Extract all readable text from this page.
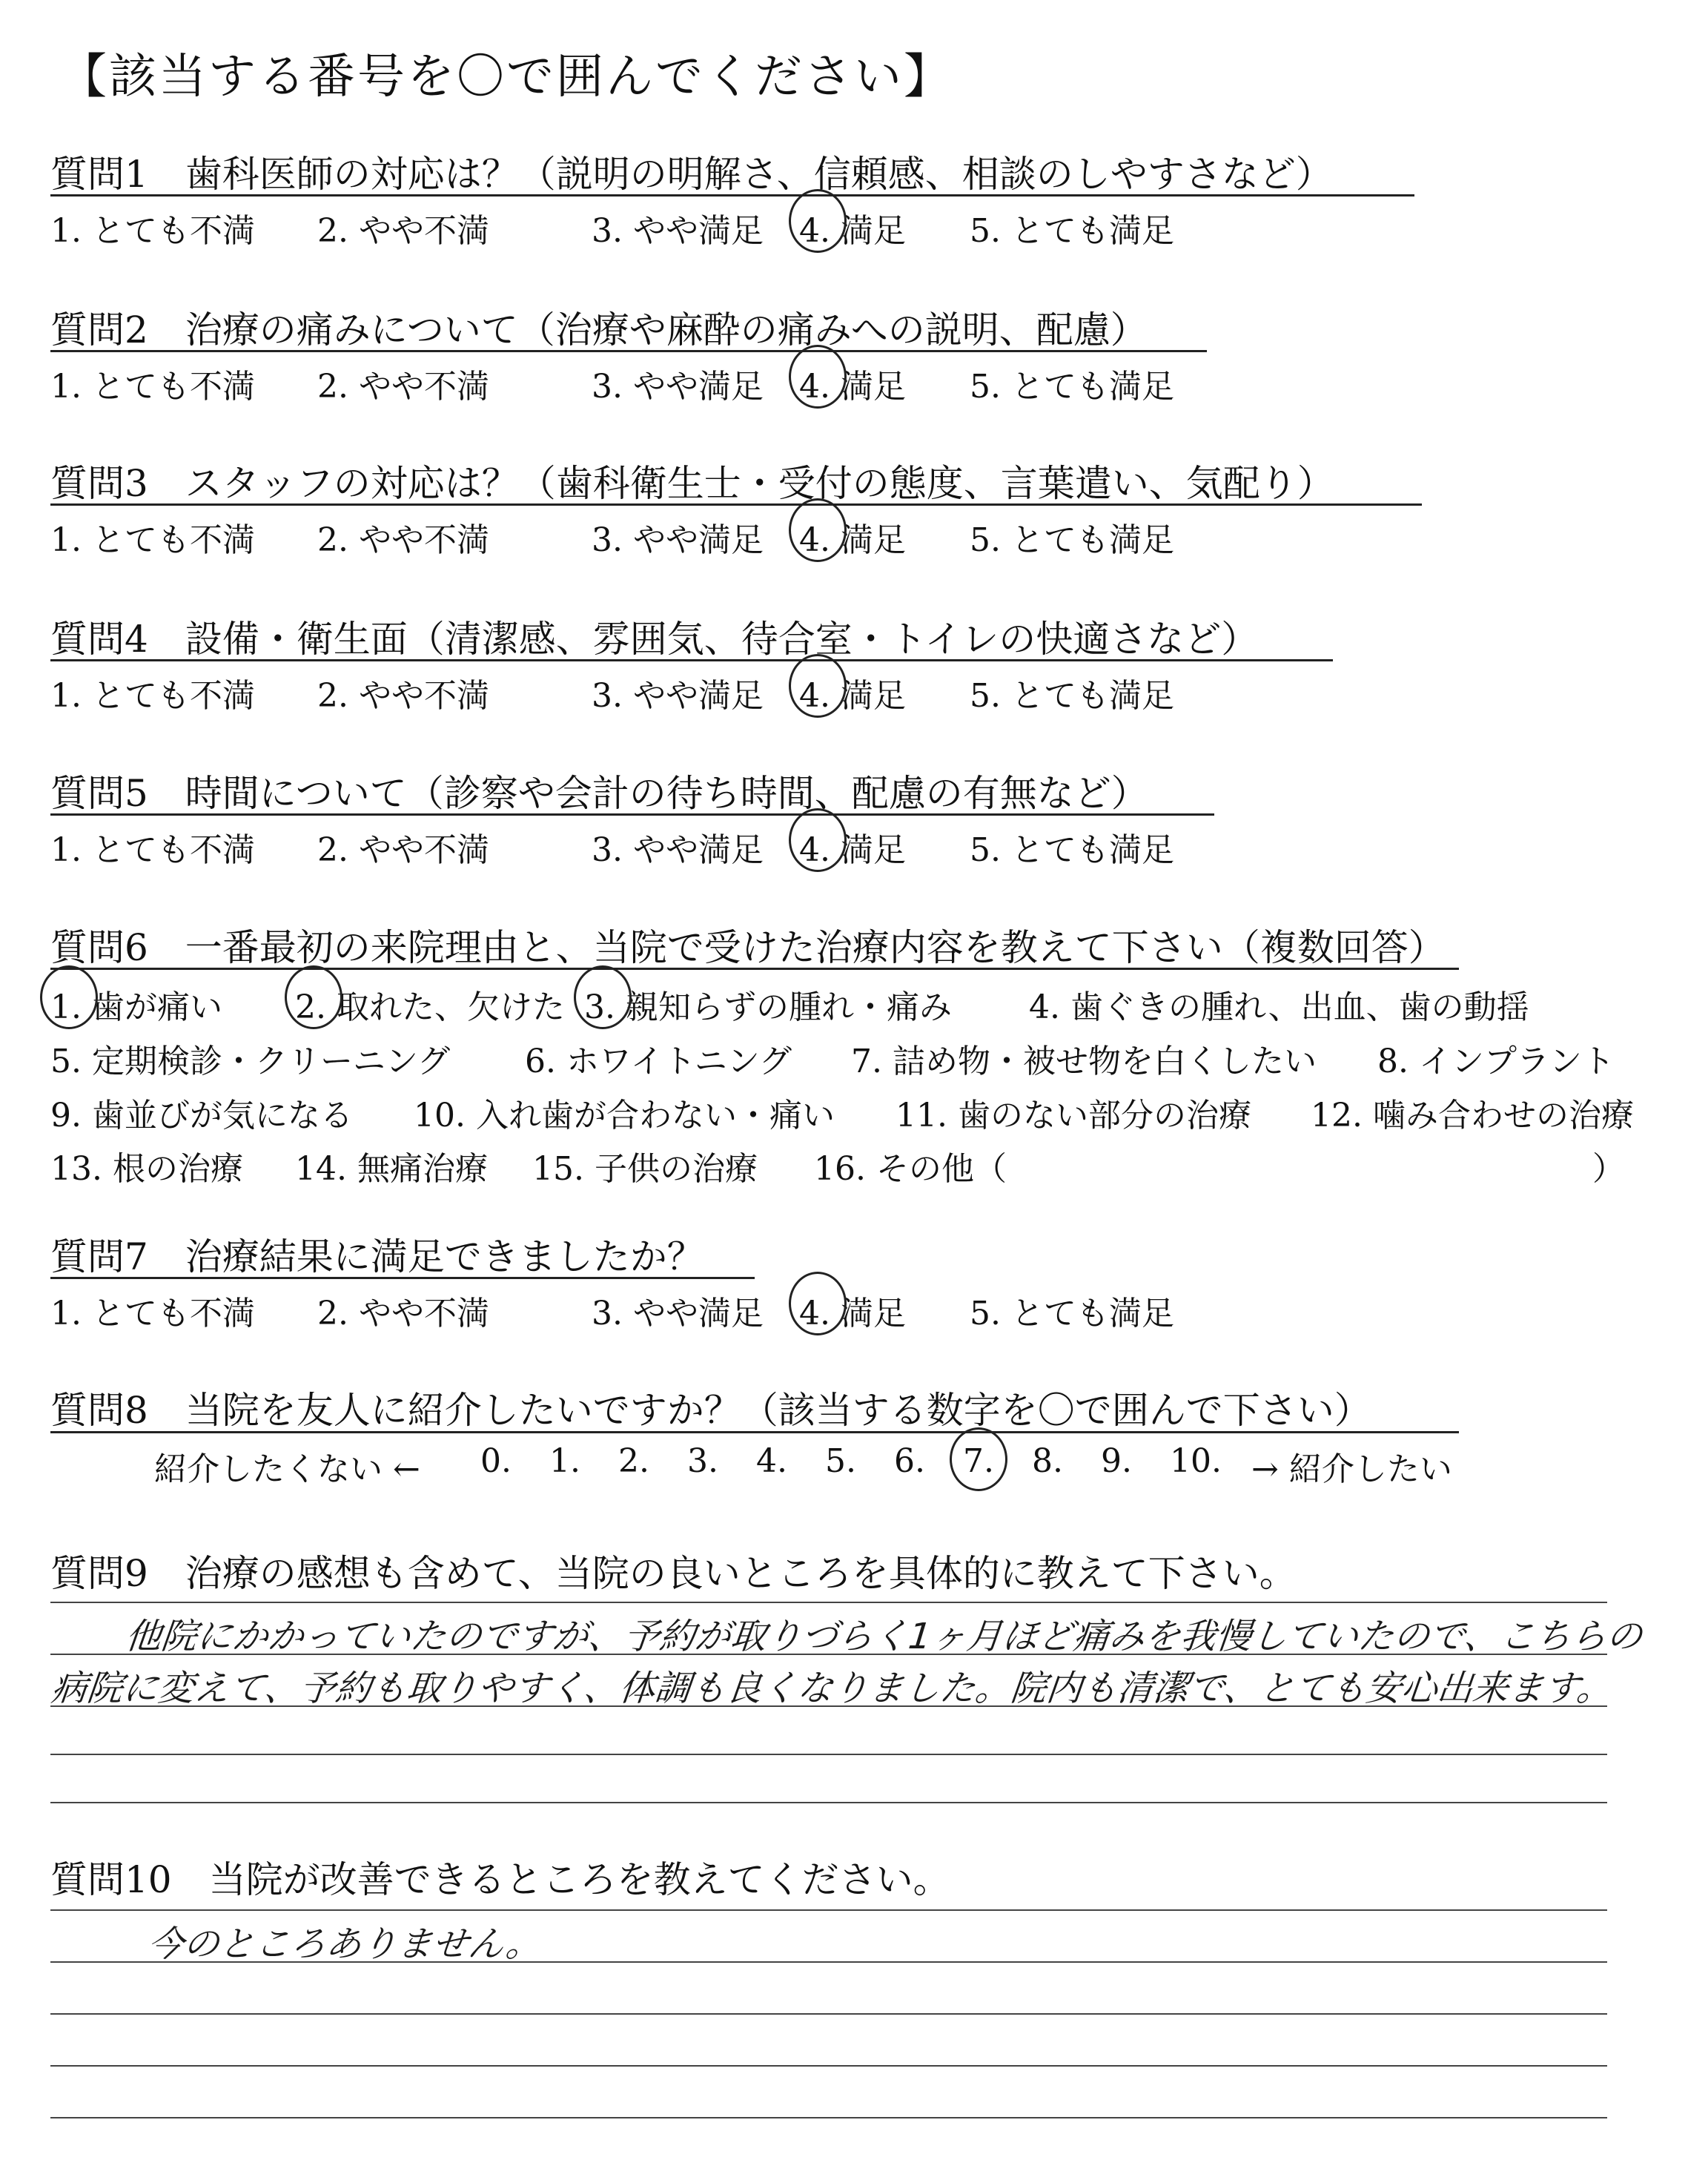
【該当する番号を〇で囲んでください】
質問1　歯科医師の対応は？（説明の明解さ、信頼感、相談のしやすさなど）
1. とても不満 2. やや不満	3. やや満足 4. 満足 5. とても満足
質問2　治療の痛みについて（治療や麻酔の痛みへの説明、配慮）
1. とても不満 2. やや不満	3. やや満足 4. 満足 5. とても満足
質問3　スタッフの対応は？（歯科衛生士・受付の態度、言葉遣い、気配り）
1. とても不満 2. やや不満	3. やや満足 4. 満足 5. とても満足
質問4　設備・衛生面（清潔感、雰囲気、待合室・トイレの快適さなど）
1. とても不満 2. やや不満	3. やや満足 4. 満足 5. とても満足
質問5　時間について（診察や会計の待ち時間、配慮の有無など）
1. とても不満 2. やや不満	3. やや満足 4. 満足 5. とても満足
質問6　一番最初の来院理由と、当院で受けた治療内容を教えて下さい（複数回答）
1. 歯が痛い 2. 取れた、欠けた 3. 親知らずの腫れ・痛み 4. 歯ぐきの腫れ、出血、歯の動揺
5. 定期検診・クリーニング 6. ホワイトニング 7. 詰め物・被せ物を白くしたい 8. インプラント
9. 歯並びが気になる 10. 入れ歯が合わない・痛い 11. 歯のない部分の治療 12. 噛み合わせの治療
13. 根の治療 14. 無痛治療 15. 子供の治療 16. その他（	）
質問7　治療結果に満足できましたか？
1. とても不満 2. やや不満	3. やや満足 4. 満足 5. とても満足
質問8　当院を友人に紹介したいですか？（該当する数字を〇で囲んで下さい）
紹介したくない ← 0. 1. 2. 3. 4. 5. 6. 7. 8. 9. 10. → 紹介したい
質問9　治療の感想も含めて、当院の良いところを具体的に教えて下さい。
他院にかかっていたのですが、予約が取りづらく1ヶ月ほど痛みを我慢していたので、こちらの
病院に変えて、予約も取りやすく、体調も良くなりました。院内も清潔で、とても安心出来ます。
質問10　当院が改善できるところを教えてください。
今のところありません。
